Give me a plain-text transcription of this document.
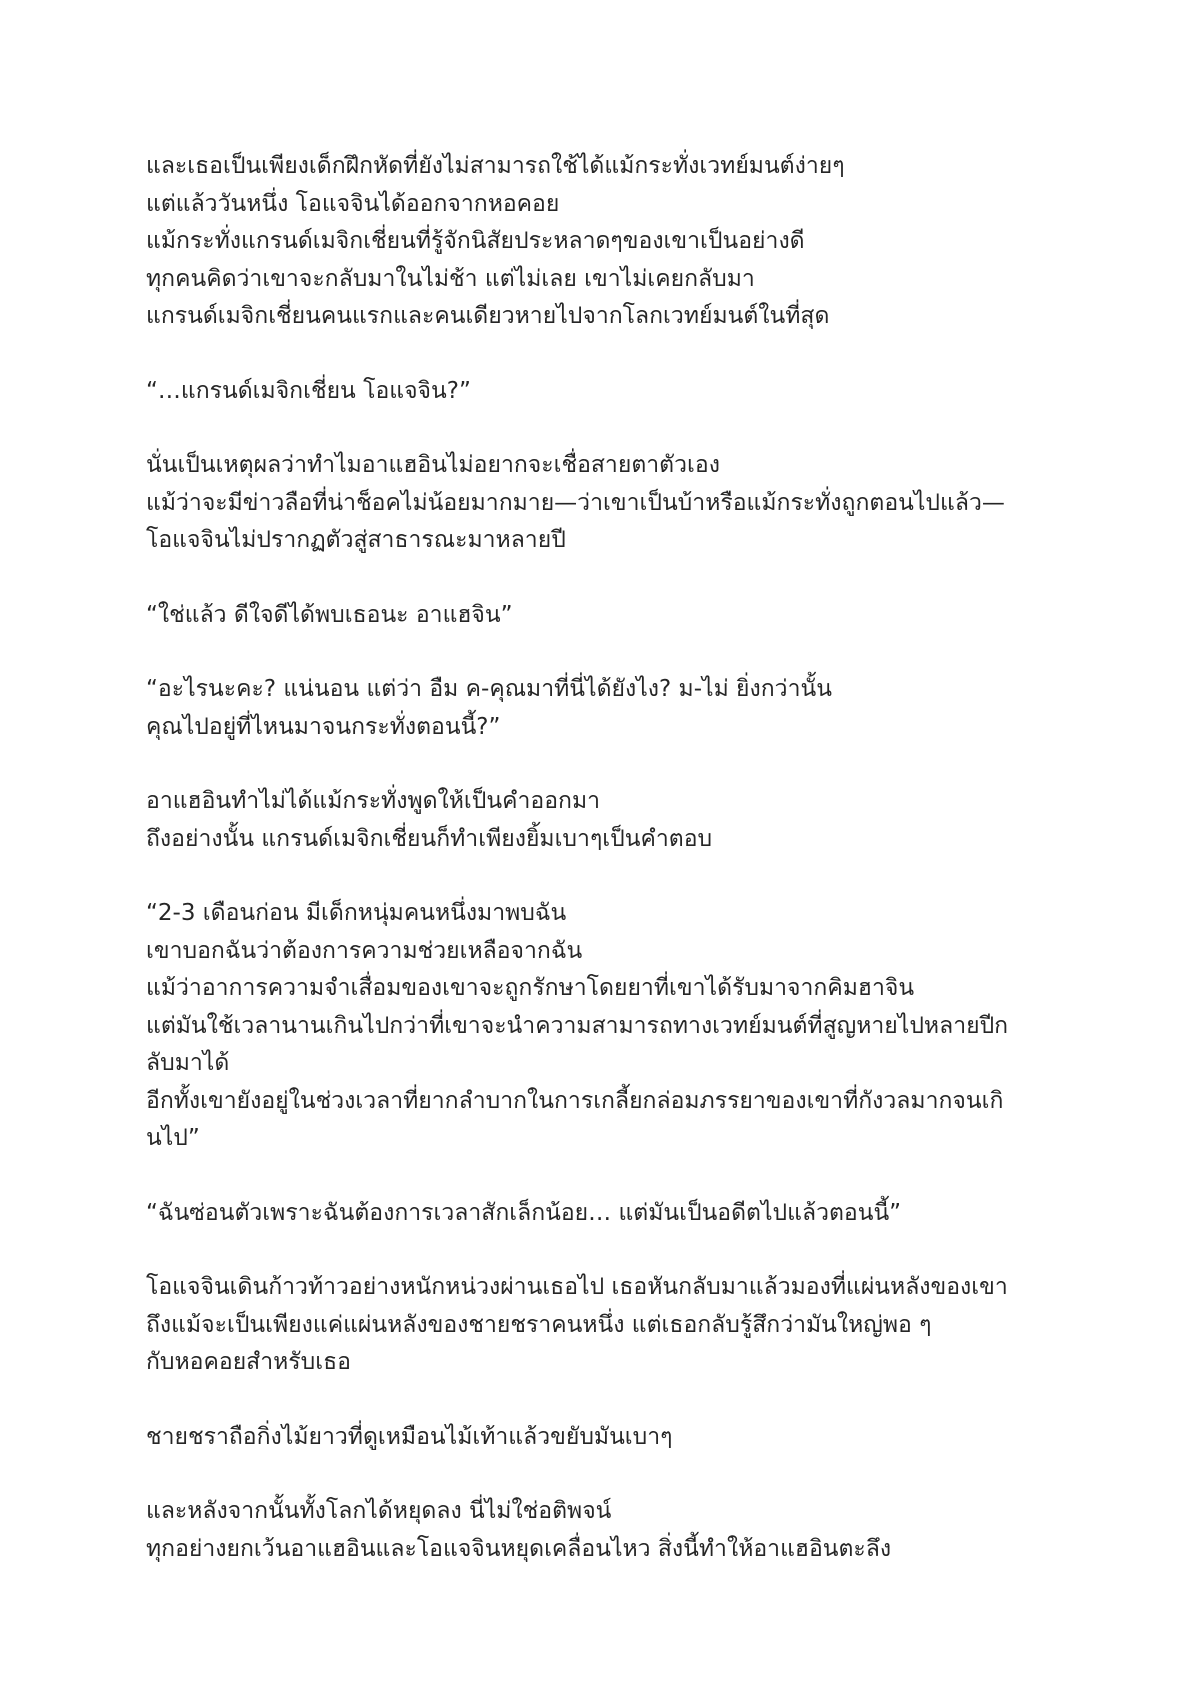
และเธอเป็นเพียงเด็กฝึกหัดที่ยังไม่สามารถใช้ได้แม้กระทั่งเวทย์มนต์ง่ายๆ
แต่แล้ววันหนึ่ง โอแจจินได้ออกจากหอคอย
แม้กระทั่งแกรนด์เมจิกเชี่ยนที่รู้จักนิสัยประหลาดๆของเขาเป็นอย่างดี
ทุกคนคิดว่าเขาจะกลับมาในไม่ช้า แต่ไม่เลย เขาไม่เคยกลับมา
แกรนด์เมจิกเชี่ยนคนแรกและคนเดียวหายไปจากโลกเวทย์มนต์ในที่สุด

“…แกรนด์เมจิกเชี่ยน โอแจจิน?”

นั่นเป็นเหตุผลว่าทำไมอาแฮอินไม่อยากจะเชื่อสายตาตัวเอง
แม้ว่าจะมีข่าวลือที่น่าช็อคไม่น้อยมากมาย—ว่าเขาเป็นบ้าหรือแม้กระทั่งถูกตอนไปแล้ว—
โอแจจินไม่ปรากฏตัวสู่สาธารณะมาหลายปี

“ใช่แล้ว ดีใจดีได้พบเธอนะ อาแฮจิน”

“อะไรนะคะ? แน่นอน แต่ว่า อืม ค-คุณมาที่นี่ได้ยังไง? ม-ไม่ ยิ่งกว่านั้น
คุณไปอยู่ที่ไหนมาจนกระทั่งตอนนี้?”

อาแฮอินทำไม่ได้แม้กระทั่งพูดให้เป็นคำออกมา
ถึงอย่างนั้น แกรนด์เมจิกเชี่ยนก็ทำเพียงยิ้มเบาๆเป็นคำตอบ

“2-3 เดือนก่อน มีเด็กหนุ่มคนหนึ่งมาพบฉัน
เขาบอกฉันว่าต้องการความช่วยเหลือจากฉัน
แม้ว่าอาการความจำเสื่อมของเขาจะถูกรักษาโดยยาที่เขาได้รับมาจากคิมฮาจิน
แต่มันใช้เวลานานเกินไปกว่าที่เขาจะนำความสามารถทางเวทย์มนต์ที่สูญหายไปหลายปีก
ลับมาได้
อีกทั้งเขายังอยู่ในช่วงเวลาที่ยากลำบากในการเกลี้ยกล่อมภรรยาของเขาที่กังวลมากจนเกิ
นไป”

“ฉันซ่อนตัวเพราะฉันต้องการเวลาสักเล็กน้อย… แต่มันเป็นอดีตไปแล้วตอนนี้”

โอแจจินเดินก้าวท้าวอย่างหนักหน่วงผ่านเธอไป เธอหันกลับมาแล้วมองที่แผ่นหลังของเขา
ถึงแม้จะเป็นเพียงแค่แผ่นหลังของชายชราคนหนึ่ง แต่เธอกลับรู้สึกว่ามันใหญ่พอ ๆ
กับหอคอยสำหรับเธอ

ชายชราถือกิ่งไม้ยาวที่ดูเหมือนไม้เท้าแล้วขยับมันเบาๆ

และหลังจากนั้นทั้งโลกได้หยุดลง นี่ไม่ใช่อติพจน์
ทุกอย่างยกเว้นอาแฮอินและโอแจจินหยุดเคลื่อนไหว สิ่งนี้ทำให้อาแฮอินตะลึง
